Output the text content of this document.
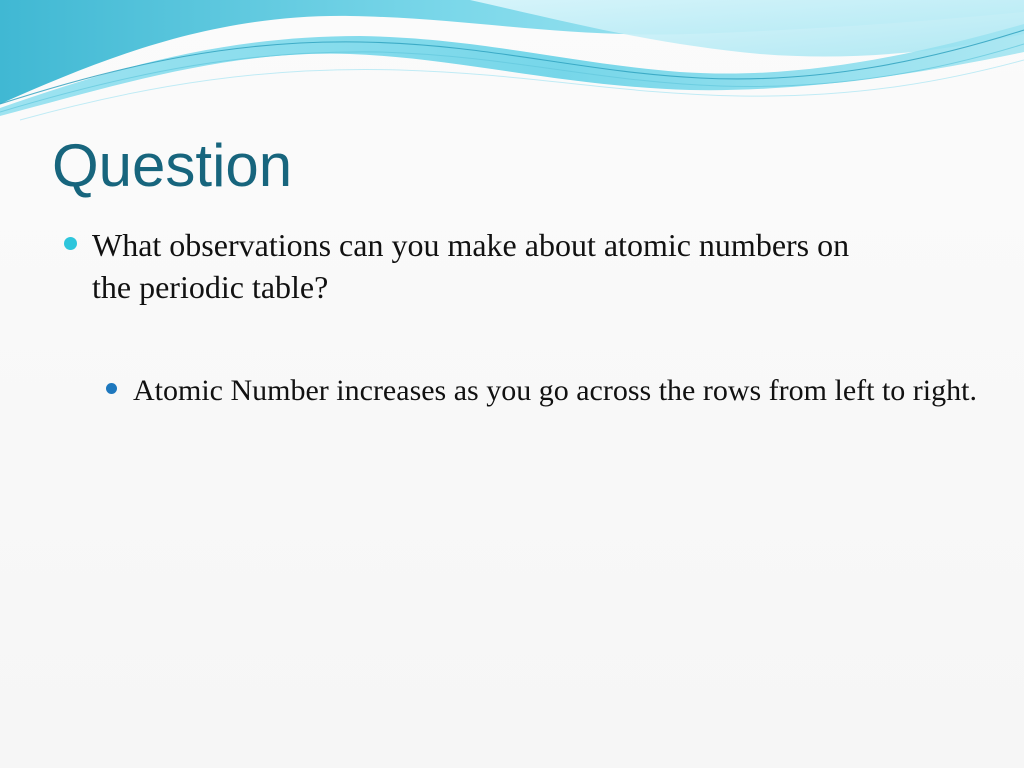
Question

What observations can you make about atomic numbers on the periodic table?

Atomic Number increases as you go across the rows from left to right.
